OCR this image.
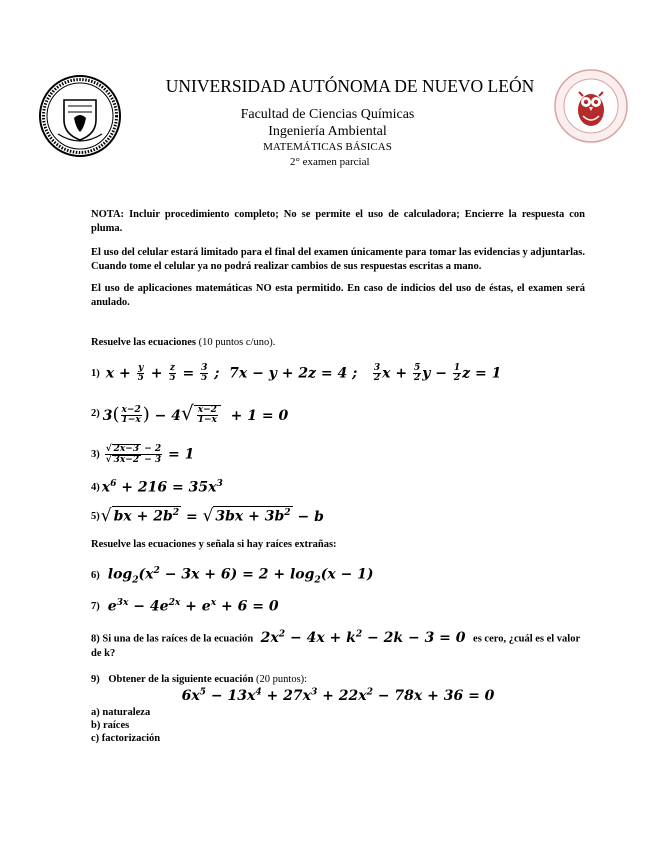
UNIVERSIDAD AUTÓNOMA DE NUEVO LEÓN
Facultad de Ciencias Químicas
Ingeniería Ambiental
MATEMÁTICAS BÁSICAS
2° examen parcial
NOTA: Incluir procedimiento completo; No se permite el uso de calculadora; Encierre la respuesta con pluma.
El uso del celular estará limitado para el final del examen únicamente para tomar las evidencias y adjuntarlas. Cuando tome el celular ya no podrá realizar cambios de sus respuestas escritas a mano.
El uso de aplicaciones matemáticas NO esta permitido. En caso de indicios del uso de éstas, el examen será anulado.
Resuelve las ecuaciones (10 puntos c/uno).
1) $x + \frac{y}{5} + \frac{z}{5} = \frac{3}{5}$ ;  7x − y + 2z = 4 ; $\frac{3}{2}$ $x + \frac{5}{2}$ $y - \frac{1}{2}$ z = 1
2) $3( \frac{x-2}{1-x}$ ) − $4√ \frac{x-2}{1-x} + 1 = 0$
$3) \frac{√ 2x-3 - 2}{√ 3x-2 - 3} = 1$
4) $x^6 + 216 = 35x^3$
5) √ bx + $2b^2$ = √ $3bx + 3b^2 - b$
Resuelve las ecuaciones y señala si hay raíces extrañas:
6) $\log_2(x^2 - 3x + 6) = 2 + \log_2(x - 1)$
7) $e^{3x} - 4e^{2x} + e^x + 6 = 0$
8) Si una de las raíces de la ecuación  $2x^2 - 4x + k^2 - 2k - 3 = 0$  es cero, ¿cuál es el valor de k?
9) Obtener de la siguiente ecuación (20 puntos):
$6x^5 - 13x^4 + 27x^3 + 22x^2 - 78x + 36 = 0$
a) naturaleza
b) raíces
c) factorización
